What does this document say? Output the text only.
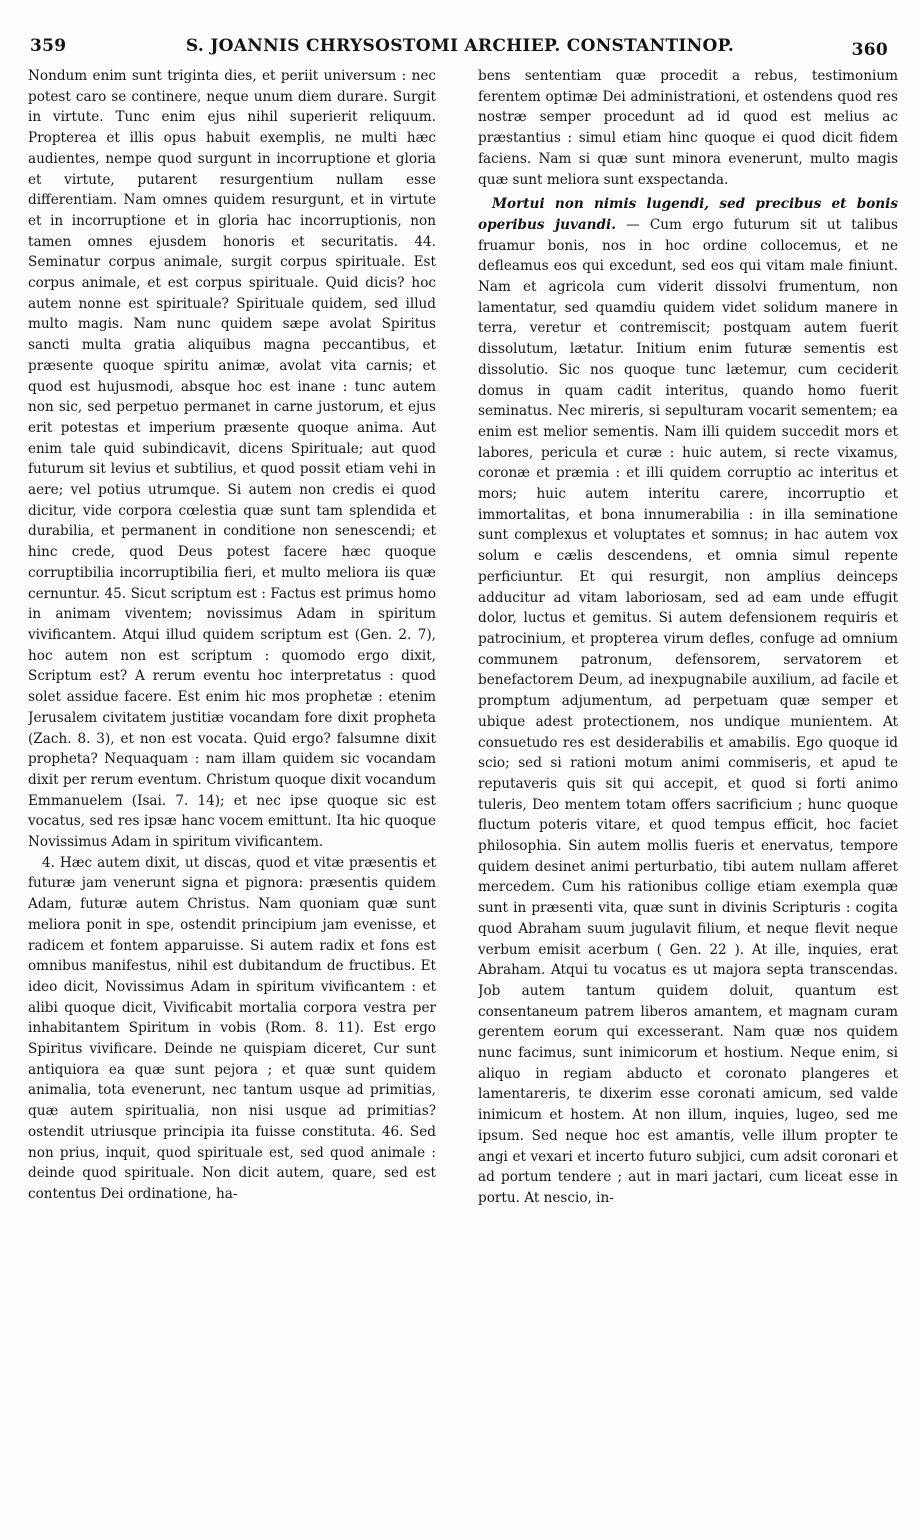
359	S. JOANNIS CHRYSOSTOMI ARCHIEP. CONSTANTINOP.	360

Nondum enim sunt triginta dies, et periit universum : nec potest caro se continere, neque unum diem durare. Surgit in virtute. Tunc enim ejus nihil superierit reliquum. Propterea et illis opus habuit exemplis, ne multi hæc audientes, nempe quod surgunt in incorruptione et gloria et virtute, putarent resurgentium nullam esse differentiam. Nam omnes quidem resurgunt, et in virtute et in incorruptione et in gloria hac incorruptionis, non tamen omnes ejusdem honoris et securitatis. 44. Seminatur corpus animale, surgit corpus spirituale. Est corpus animale, et est corpus spirituale. Quid dicis? hoc autem nonne est spirituale? Spirituale quidem, sed illud multo magis. Nam nunc quidem sæpe avolat Spiritus sancti multa gratia aliquibus magna peccantibus, et præsente quoque spiritu animæ, avolat vita carnis; et quod est hujusmodi, absque hoc est inane : tunc autem non sic, sed perpetuo permanet in carne justorum, et ejus erit potestas et imperium præsente quoque anima. Aut enim tale quid subindicavit, dicens Spirituale; aut quod futurum sit levius et subtilius, et quod possit etiam vehi in aere; vel potius utrumque. Si autem non credis ei quod dicitur, vide corpora cœlestia quæ sunt tam splendida et durabilia, et permanent in conditione non senescendi; et hinc crede, quod Deus potest facere hæc quoque corruptibilia incorruptibilia fieri, et multo meliora iis quæ cernuntur. 45. Sicut scriptum est : Factus est primus homo in animam viventem; novissimus Adam in spiritum vivificantem. Atqui illud quidem scriptum est (Gen. 2. 7), hoc autem non est scriptum : quomodo ergo dixit, Scriptum est? A rerum eventu hoc interpretatus : quod solet assidue facere. Est enim hic mos prophetæ : etenim Jerusalem civitatem justitiæ vocandam fore dixit propheta (Zach. 8. 3), et non est vocata. Quid ergo? falsumne dixit propheta? Nequaquam : nam illam quidem sic vocandam dixit per rerum eventum. Christum quoque dixit vocandum Emmanuelem (Isai. 7. 14); et nec ipse quoque sic est vocatus, sed res ipsæ hanc vocem emittunt. Ita hic quoque Novissimus Adam in spiritum vivificantem.

4. Hæc autem dixit, ut discas, quod et vitæ præsentis et futuræ jam venerunt signa et pignora: præsentis quidem Adam, futuræ autem Christus. Nam quoniam quæ sunt meliora ponit in spe, ostendit principium jam evenisse, et radicem et fontem apparuisse. Si autem radix et fons est omnibus manifestus, nihil est dubitandum de fructibus. Et ideo dicit, Novissimus Adam in spiritum vivificantem : et alibi quoque dicit, Vivificabit mortalia corpora vestra per inhabitantem Spiritum in vobis (Rom. 8. 11). Est ergo Spiritus vivificare. Deinde ne quispiam diceret, Cur sunt antiquiora ea quæ sunt pejora ; et quæ sunt quidem animalia, tota evenerunt, nec tantum usque ad primitias, quæ autem spiritualia, non nisi usque ad primitias? ostendit utriusque principia ita fuisse constituta. 46. Sed non prius, inquit, quod spirituale est, sed quod animale : deinde quod spirituale. Non dicit autem, quare, sed est contentus Dei ordinatione, ha-

bens sententiam quæ procedit a rebus, testimonium ferentem optimæ Dei administrationi, et ostendens quod res nostræ semper procedunt ad id quod est melius ac præstantius : simul etiam hinc quoque ei quod dicit fidem faciens. Nam si quæ sunt minora evenerunt, multo magis quæ sunt meliora sunt exspectanda.

Mortui non nimis lugendi, sed precibus et bonis operibus juvandi. — Cum ergo futurum sit ut talibus fruamur bonis, nos in hoc ordine collocemus, et ne defleamus eos qui excedunt, sed eos qui vitam male finiunt. Nam et agricola cum viderit dissolvi frumentum, non lamentatur, sed quamdiu quidem videt solidum manere in terra, veretur et contremiscit; postquam autem fuerit dissolutum, lætatur. Initium enim futuræ sementis est dissolutio. Sic nos quoque tunc lætemur, cum ceciderit domus in quam cadit interitus, quando homo fuerit seminatus. Nec mireris, si sepulturam vocarit sementem; ea enim est melior sementis. Nam illi quidem succedit mors et labores, pericula et curæ : huic autem, si recte vixamus, coronæ et præmia : et illi quidem corruptio ac interitus et mors; huic autem interitu carere, incorruptio et immortalitas, et bona innumerabilia : in illa seminatione sunt complexus et voluptates et somnus; in hac autem vox solum e cælis descendens, et omnia simul repente perficiuntur. Et qui resurgit, non amplius deinceps adducitur ad vitam laboriosam, sed ad eam unde effugit dolor, luctus et gemitus. Si autem defensionem requiris et patrocinium, et propterea virum defles, confuge ad omnium communem patronum, defensorem, servatorem et benefactorem Deum, ad inexpugnabile auxilium, ad facile et promptum adjumentum, ad perpetuam quæ semper et ubique adest protectionem, nos undique munientem. At consuetudo res est desiderabilis et amabilis. Ego quoque id scio; sed si rationi motum animi commiseris, et apud te reputaveris quis sit qui accepit, et quod si forti animo tuleris, Deo mentem totam offers sacrificium ; hunc quoque fluctum poteris vitare, et quod tempus efficit, hoc faciet philosophia. Sin autem mollis fueris et enervatus, tempore quidem desinet animi perturbatio, tibi autem nullam afferet mercedem. Cum his rationibus collige etiam exempla quæ sunt in præsenti vita, quæ sunt in divinis Scripturis : cogita quod Abraham suum jugulavit filium, et neque flevit neque verbum emisit acerbum ( Gen. 22 ). At ille, inquies, erat Abraham. Atqui tu vocatus es ut majora septa transcendas. Job autem tantum quidem doluit, quantum est consentaneum patrem liberos amantem, et magnam curam gerentem eorum qui excesserant. Nam quæ nos quidem nunc facimus, sunt inimicorum et hostium. Neque enim, si aliquo in regiam abducto et coronato plangeres et lamentareris, te dixerim esse coronati amicum, sed valde inimicum et hostem. At non illum, inquies, lugeo, sed me ipsum. Sed neque hoc est amantis, velle illum propter te angi et vexari et incerto futuro subjici, cum adsit coronari et ad portum tendere ; aut in mari jactari, cum liceat esse in portu. At nescio, in-
